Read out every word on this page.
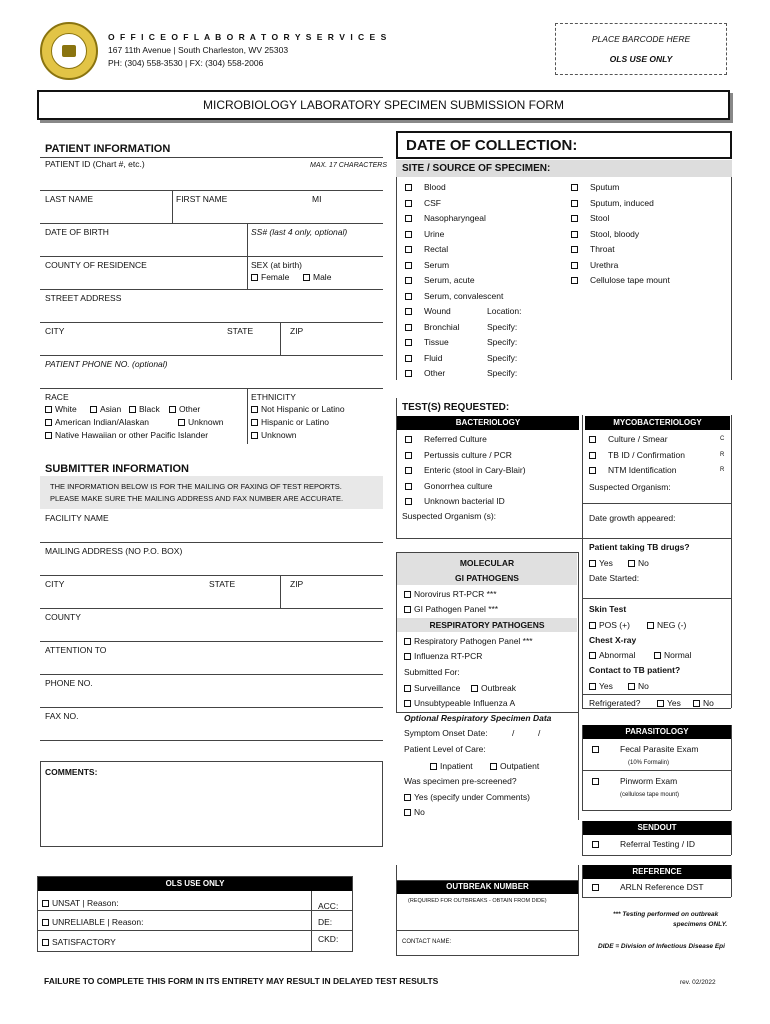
O F F I C E O F L A B O R A T O R Y S E R V I C E S
167 11th Avenue | South Charleston, WV 25303
PH: (304) 558-3530 | FX: (304) 558-2006
PLACE BARCODE HERE
OLS USE ONLY
MICROBIOLOGY LABORATORY SPECIMEN SUBMISSION FORM
DATE OF COLLECTION:
PATIENT INFORMATION
PATIENT ID (Chart #, etc.)	MAX. 17 CHARACTERS
LAST NAME	FIRST NAME	MI
DATE OF BIRTH	SS# (last 4 only, optional)
COUNTY OF RESIDENCE	SEX (at birth)
Female	Male
STREET ADDRESS
CITY	STATE	ZIP
PATIENT PHONE NO. (optional)
RACE
White	Asian	Black	Other
American Indian/Alaskan	Unknown
Native Hawaiian or other Pacific Islander
ETHNICITY
Not Hispanic or Latino
Hispanic or Latino
Unknown
SUBMITTER INFORMATION
THE INFORMATION BELOW IS FOR THE MAILING OR FAXING OF TEST REPORTS.
PLEASE MAKE SURE THE MAILING ADDRESS AND FAX NUMBER ARE ACCURATE.
FACILITY NAME
MAILING ADDRESS (NO P.O. BOX)
CITY	STATE	ZIP
COUNTY
ATTENTION TO
PHONE NO.
FAX NO.
COMMENTS:
OLS USE ONLY
UNSAT | Reason:
UNRELIABLE | Reason:
SATISFACTORY
ACC:
DE:
CKD:
SITE / SOURCE OF SPECIMEN:
Location:
Specify:
Specify:
Specify:
Specify:
TEST(S) REQUESTED:
BACTERIOLOGY
Suspected Organism (s):
MYCOBACTERIOLOGY
Suspected Organism:
Date growth appeared:
Patient taking TB drugs?
Yes	No
Date Started:
Skin Test
POS (+)	NEG (-)
Chest X-ray
Abnormal	Normal
Contact to TB patient?
Yes	No
Refrigerated?	Yes	No
MOLECULAR
GI PATHOGENS
Norovirus RT-PCR ***
GI Pathogen Panel ***
RESPIRATORY PATHOGENS
Respiratory Pathogen Panel ***
Influenza RT-PCR
Submitted For:
Surveillance	Outbreak
Unsubtypeable Influenza A
Optional Respiratory Specimen Data
Symptom Onset Date:	/	/
Patient Level of Care:
Inpatient	Outpatient
Was specimen pre-screened?
Yes (specify under Comments)
No
PARASITOLOGY
Fecal Parasite Exam
(10% Formalin)
Pinworm Exam
(cellulose tape mount)
SENDOUT
Referral Testing / ID
REFERENCE
ARLN Reference DST
*** Testing performed on outbreak
specimens ONLY.
DIDE = Division of Infectious Disease Epi
OUTBREAK NUMBER
(REQUIRED FOR OUTBREAKS - OBTAIN FROM DIDE)
CONTACT NAME:
FAILURE TO COMPLETE THIS FORM IN ITS ENTIRETY MAY RESULT IN DELAYED TEST RESULTS	rev. 02/2022
Blood
CSF
Nasopharyngeal
Urine
Rectal
Serum
Serum, acute
Serum, convalescent
Wound
Bronchial
Tissue
Fluid
Other
Sputum
Sputum, induced
Stool
Stool, bloody
Throat
Urethra
Cellulose tape mount
Referred Culture
Pertussis culture / PCR
Enteric (stool in Cary-Blair)
Gonorrhea culture
Unknown bacterial ID
Culture / Smear
TB ID / Confirmation
NTM Identification
C
R
R
